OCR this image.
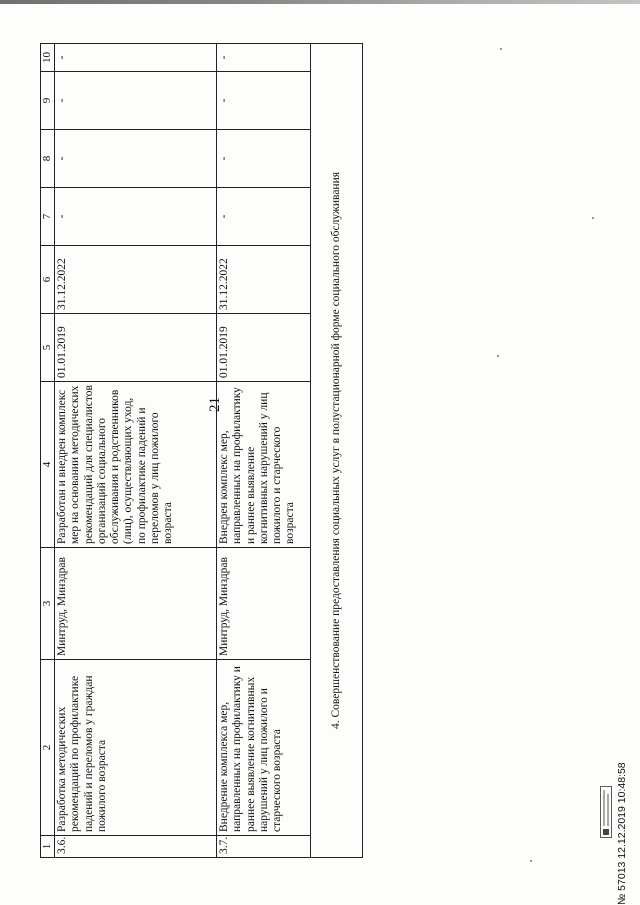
21
1	2	3	4	5	6	7	8	9	10
3.6.	Разработка методических рекомендаций по профилактике падений и переломов у граждан пожилого возраста	Минтруд, Минздрав	Разработан и внедрен комплекс мер на основании методических рекомендаций для специалистов организаций социального обслуживания и родственников (лиц), осуществляющих уход, по профилактике падений и переломов у лиц пожилого возраста	01.01.2019	31.12.2022	-	-	-	-
3.7.	Внедрение комплекса мер, направленных на профилактику и раннее выявление когнитивных нарушений у лиц пожилого и старческого возраста	Минтруд, Минздрав	Внедрен комплекс мер, направленных на профилактику и раннее выявление когнитивных нарушений у лиц пожилого и старческого возраста	01.01.2019	31.12.2022	-	-	-	-
4. Совершенствование предоставления социальных услуг в полустационарной форме социального обслуживания									
№ 57013 12.12.2019 10:48:58
